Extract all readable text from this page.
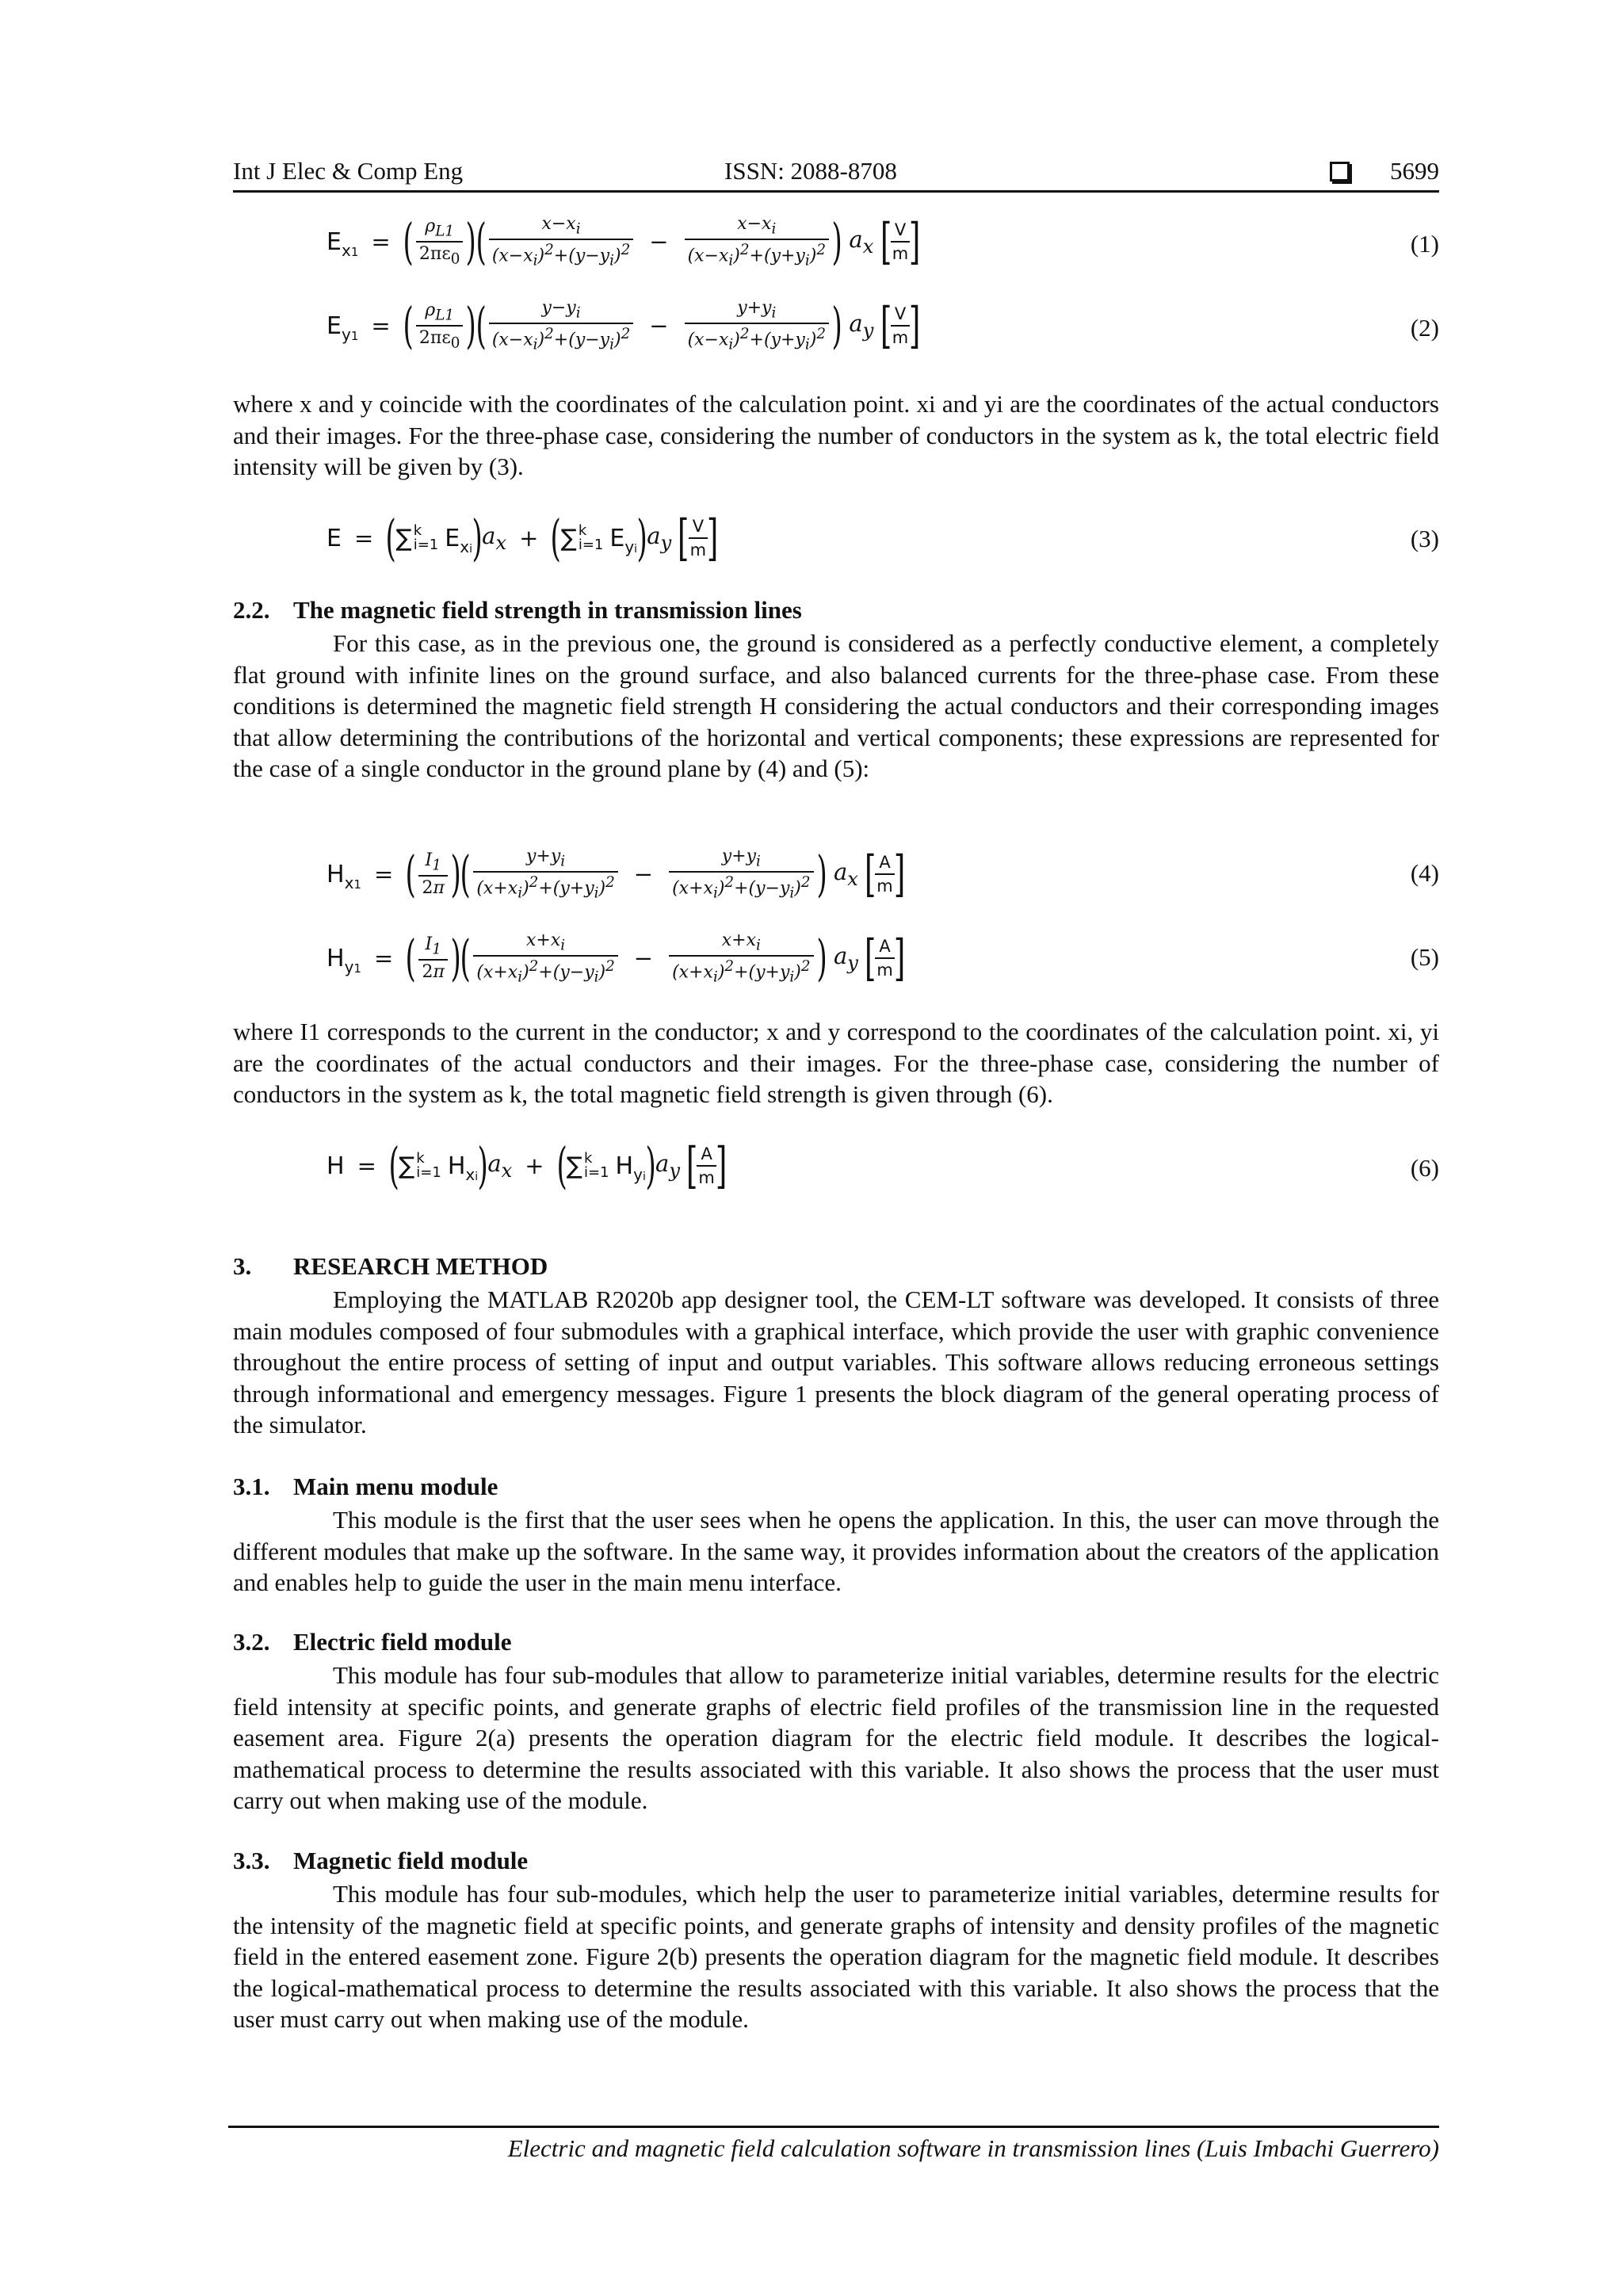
Int J Elec & Comp Eng	ISSN: 2088-8708	5699
$E_{x1}$ = ( $\frac{\rho_{L1}}{2\pi\varepsilon_0}$ )
( $\frac{x-x_i}{(x-x_i)^2+(y-y_i)^2} - \frac{x-x_i}{(x-x_i)^2+(y+y_i)^2}$ ) $a_x$ [ V
m ]	(1)
$E_{y1}$ = ( $\frac{\rho_{L1}}{2\pi\varepsilon_0}$ )
( $\frac{y-y_i}{(x-x_i)^2+(y-y_i)^2} - \frac{y+y_i}{(x-x_i)^2+(y+y_i)^2}$ ) $a_y$ [ V
m ]	(2)
where x and y coincide with the coordinates of the calculation point. xi and yi are the coordinates of the actual conductors and their images. For the three-phase case, considering the number of conductors in the system as k, the total electric field intensity will be given by (3).
E = ( ∑ k
i=1 $E_{xi}$ ) $a_x$ + ( ∑ k
i=1 $E_{yi}$ ) $a_y$ [ V
m ]	(3)
2.2. The magnetic field strength in transmission lines
For this case, as in the previous one, the ground is considered as a perfectly conductive element, a completely flat ground with infinite lines on the ground surface, and also balanced currents for the three-phase case. From these conditions is determined the magnetic field strength H considering the actual conductors and their corresponding images that allow determining the contributions of the horizontal and vertical components; these expressions are represented for the case of a single conductor in the ground plane by (4) and (5):
$H_{x1}$ = ( $\frac{I_1}{2\pi}$ )
( $\frac{y+y_i}{(x+x_i)^2+(y+y_i)^2} - \frac{y+y_i}{(x+x_i)^2+(y-y_i)^2}$ ) $a_x$ [ A
m ]	(4)
$H_{y1}$ = ( $\frac{I_1}{2\pi}$ )
( $\frac{x+x_i}{(x+x_i)^2+(y-y_i)^2} - \frac{x+x_i}{(x+x_i)^2+(y+y_i)^2}$ ) $a_y$ [ A
m ]	(5)
where I1 corresponds to the current in the conductor; x and y correspond to the coordinates of the calculation point. xi, yi are the coordinates of the actual conductors and their images. For the three-phase case, considering the number of conductors in the system as k, the total magnetic field strength is given through (6).
H = ( ∑ k
i=1 $H_{xi}$ ) $a_x$ + ( ∑ k
i=1 $H_{yi}$ ) $a_y$ [ A
m ]	(6)
3. RESEARCH METHOD
Employing the MATLAB R2020b app designer tool, the CEM-LT software was developed. It consists of three main modules composed of four submodules with a graphical interface, which provide the user with graphic convenience throughout the entire process of setting of input and output variables. This software allows reducing erroneous settings through informational and emergency messages. Figure 1 presents the block diagram of the general operating process of the simulator.
3.1. Main menu module
This module is the first that the user sees when he opens the application. In this, the user can move through the different modules that make up the software. In the same way, it provides information about the creators of the application and enables help to guide the user in the main menu interface.
3.2. Electric field module
This module has four sub-modules that allow to parameterize initial variables, determine results for the electric field intensity at specific points, and generate graphs of electric field profiles of the transmission line in the requested easement area. Figure 2(a) presents the operation diagram for the electric field module. It describes the logical-mathematical process to determine the results associated with this variable. It also shows the process that the user must carry out when making use of the module.
3.3. Magnetic field module
This module has four sub-modules, which help the user to parameterize initial variables, determine results for the intensity of the magnetic field at specific points, and generate graphs of intensity and density profiles of the magnetic field in the entered easement zone. Figure 2(b) presents the operation diagram for the magnetic field module. It describes the logical-mathematical process to determine the results associated with this variable. It also shows the process that the user must carry out when making use of the module.
Electric and magnetic field calculation software in transmission lines (Luis Imbachi Guerrero)
